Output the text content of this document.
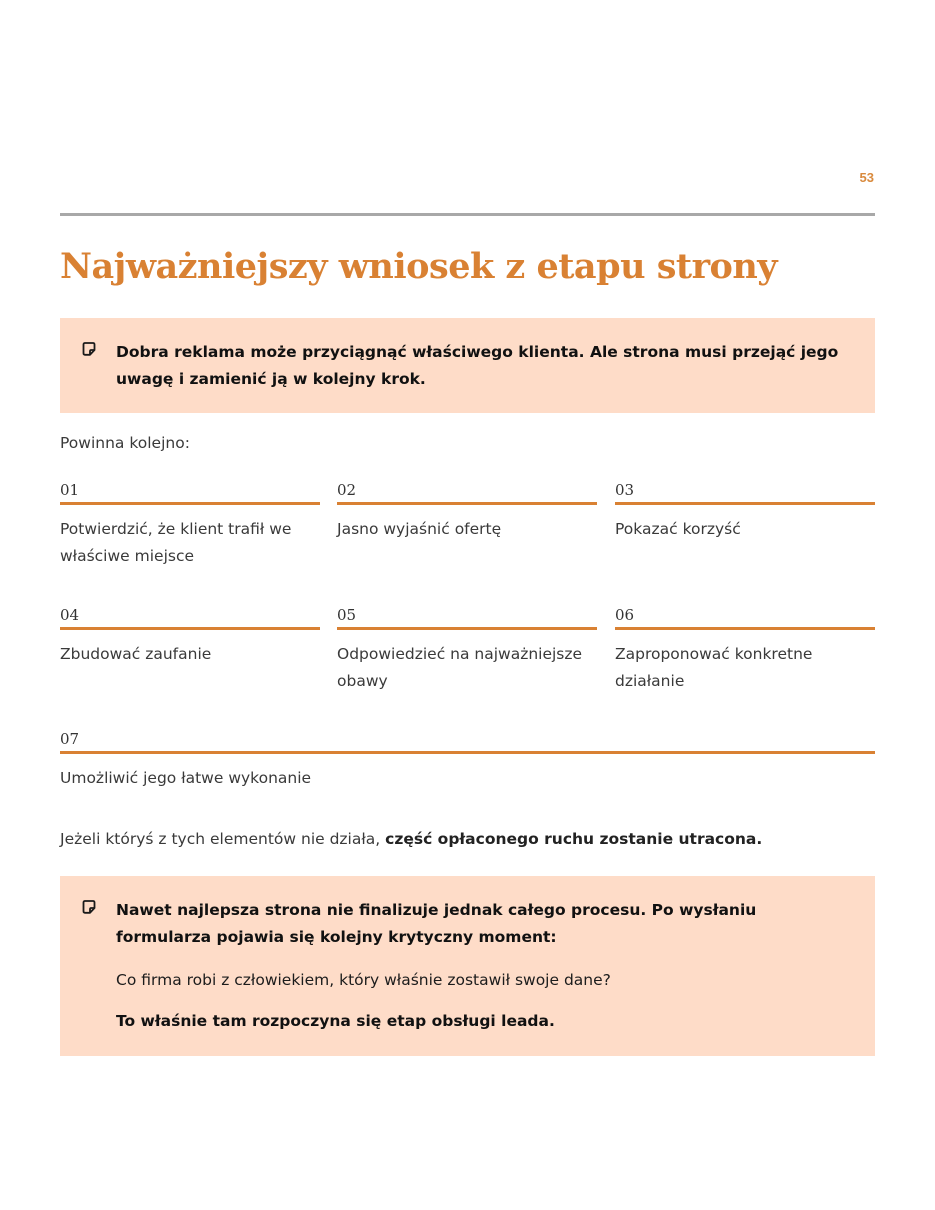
53
Najważniejszy wniosek z etapu strony

Dobra reklama może przyciągnąć właściwego klienta. Ale strona musi przejąć jego uwagę i zamienić ją w kolejny krok.

Powinna kolejno:

01
Potwierdzić, że klient trafił we właściwe miejsce
02
Jasno wyjaśnić ofertę
03
Pokazać korzyść
04
Zbudować zaufanie
05
Odpowiedzieć na najważniejsze obawy
06
Zaproponować konkretne działanie
07
Umożliwić jego łatwe wykonanie

Jeżeli któryś z tych elementów nie działa, część opłaconego ruchu zostanie utracona.

Nawet najlepsza strona nie finalizuje jednak całego procesu. Po wysłaniu formularza pojawia się kolejny krytyczny moment:

Co firma robi z człowiekiem, który właśnie zostawił swoje dane?

To właśnie tam rozpoczyna się etap obsługi leada.
